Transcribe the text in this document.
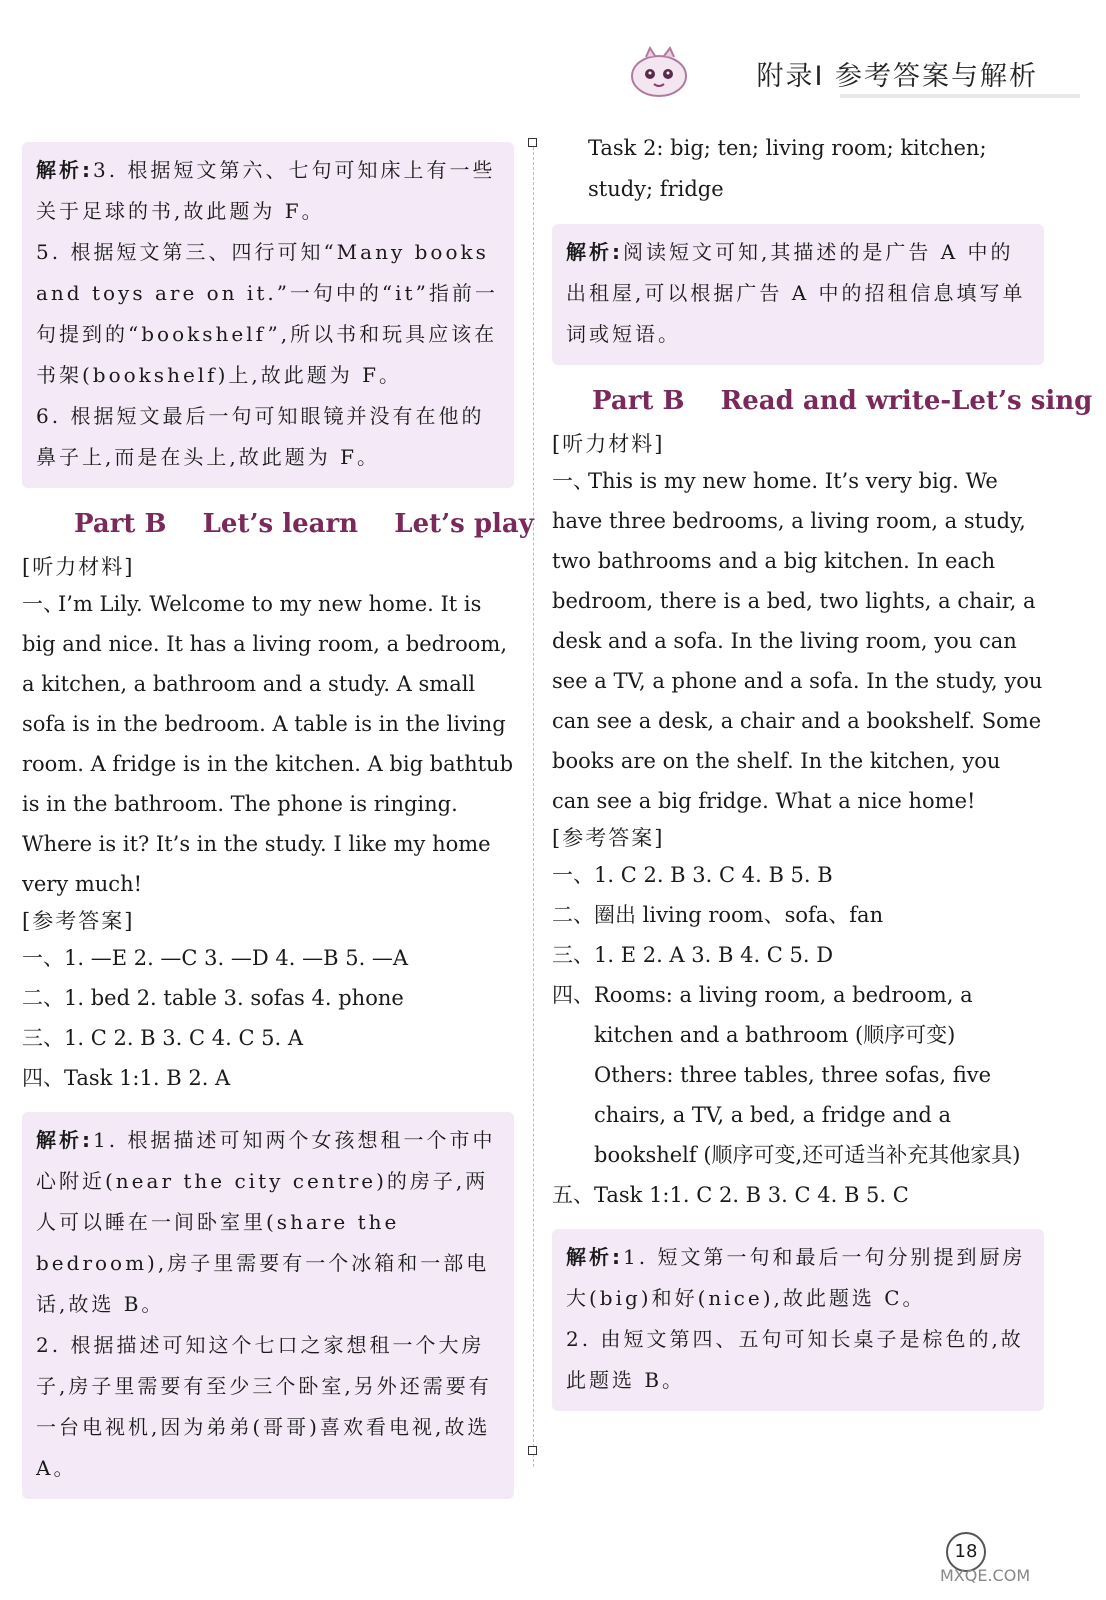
附录Ⅰ 参考答案与解析
解析:3. 根据短文第六、七句可知床上有一些关于足球的书,故此题为 F。
5. 根据短文第三、四行可知“Many books and toys are on it.”一句中的“it”指前一句提到的“bookshelf”,所以书和玩具应该在书架(bookshelf)上,故此题为 F。
6. 根据短文最后一句可知眼镜并没有在他的鼻子上,而是在头上,故此题为 F。
Part B    Let’s learn    Let’s play
[听力材料]
一、I’m Lily. Welcome to my new home. It is big and nice. It has a living room, a bedroom, a kitchen, a bathroom and a study. A small sofa is in the bedroom. A table is in the living room. A fridge is in the kitchen. A big bathtub is in the bathroom. The phone is ringing. Where is it? It’s in the study. I like my home very much!
[参考答案]
一、1. —E 2. —C 3. —D 4. —B 5. —A
二、1. bed 2. table 3. sofas 4. phone
三、1. C 2. B 3. C 4. C 5. A
四、Task 1:1. B 2. A
解析:1. 根据描述可知两个女孩想租一个市中心附近(near the city centre)的房子,两人可以睡在一间卧室里(share the bedroom),房子里需要有一个冰箱和一部电话,故选 B。
2. 根据描述可知这个七口之家想租一个大房子,房子里需要有至少三个卧室,另外还需要有一台电视机,因为弟弟(哥哥)喜欢看电视,故选 A。
Task 2: big; ten; living room; kitchen; study; fridge
解析:阅读短文可知,其描述的是广告 A 中的出租屋,可以根据广告 A 中的招租信息填写单词或短语。
Part B    Read and write-Let’s sing
[听力材料]
一、This is my new home. It’s very big. We have three bedrooms, a living room, a study, two bathrooms and a big kitchen. In each bedroom, there is a bed, two lights, a chair, a desk and a sofa. In the living room, you can see a TV, a phone and a sofa. In the study, you can see a desk, a chair and a bookshelf. Some books are on the shelf. In the kitchen, you can see a big fridge. What a nice home!
[参考答案]
一、1. C 2. B 3. C 4. B 5. B
二、圈出 living room、sofa、fan
三、1. E 2. A 3. B 4. C 5. D
四、 Rooms: a living room, a bedroom, a kitchen and a bathroom (顺序可变)
Others: three tables, three sofas, five chairs, a TV, a bed, a fridge and a bookshelf (顺序可变,还可适当补充其他家具)
五、Task 1:1. C 2. B 3. C 4. B 5. C
解析:1. 短文第一句和最后一句分别提到厨房大(big)和好(nice),故此题选 C。
2. 由短文第四、五句可知长桌子是棕色的,故此题选 B。
18
MXQE.COM
